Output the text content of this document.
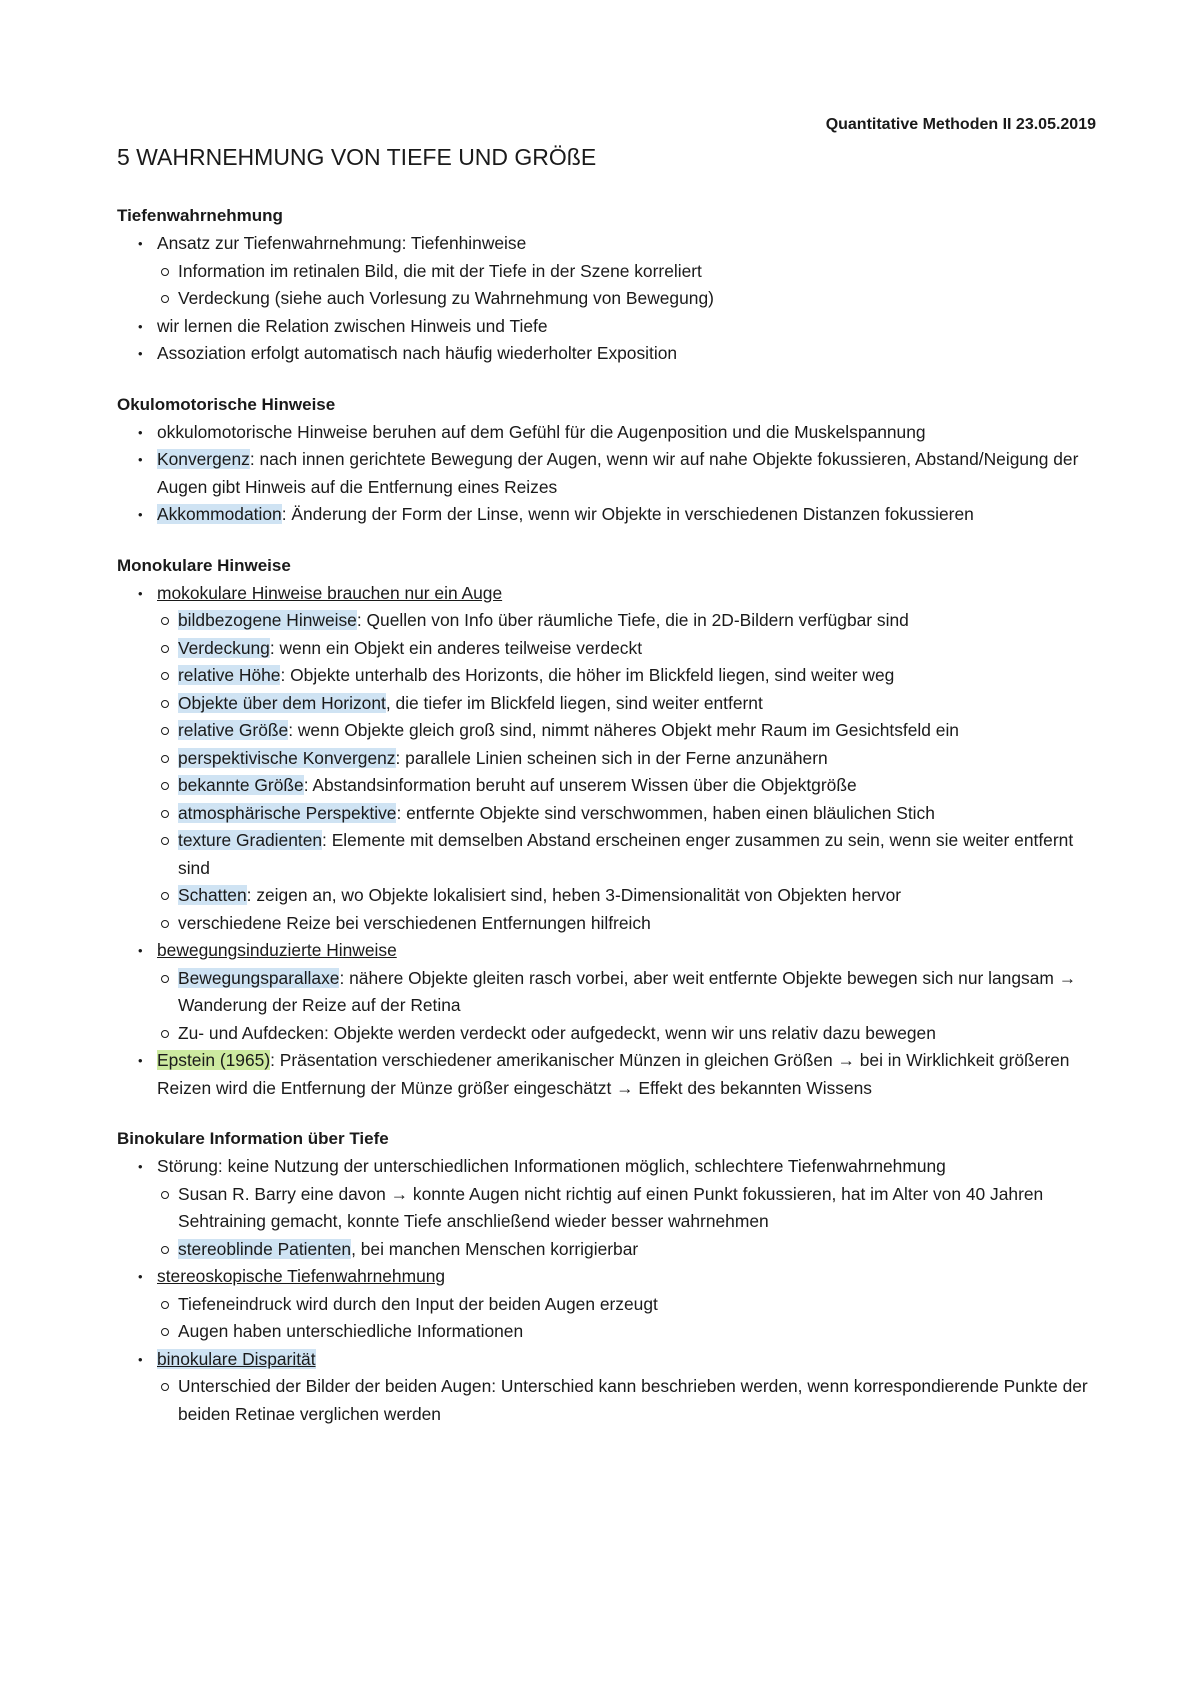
Quantitative Methoden II 23.05.2019
5 WAHRNEHMUNG VON TIEFE UND GRÖßE
Tiefenwahrnehmung
• Ansatz zur Tiefenwahrnehmung: Tiefenhinweise
Information im retinalen Bild, die mit der Tiefe in der Szene korreliert
Verdeckung (siehe auch Vorlesung zu Wahrnehmung von Bewegung)
• wir lernen die Relation zwischen Hinweis und Tiefe
• Assoziation erfolgt automatisch nach häufig wiederholter Exposition
Okulomotorische Hinweise
• okkulomotorische Hinweise beruhen auf dem Gefühl für die Augenposition und die Muskelspannung
• Konvergenz: nach innen gerichtete Bewegung der Augen, wenn wir auf nahe Objekte fokussieren, Abstand/Neigung der Augen gibt Hinweis auf die Entfernung eines Reizes
• Akkommodation: Änderung der Form der Linse, wenn wir Objekte in verschiedenen Distanzen fokussieren
Monokulare Hinweise
• mokokulare Hinweise brauchen nur ein Auge
bildbezogene Hinweise: Quellen von Info über räumliche Tiefe, die in 2D-Bildern verfügbar sind
Verdeckung: wenn ein Objekt ein anderes teilweise verdeckt
relative Höhe: Objekte unterhalb des Horizonts, die höher im Blickfeld liegen, sind weiter weg
Objekte über dem Horizont, die tiefer im Blickfeld liegen, sind weiter entfernt
relative Größe: wenn Objekte gleich groß sind, nimmt näheres Objekt mehr Raum im Gesichtsfeld ein
perspektivische Konvergenz: parallele Linien scheinen sich in der Ferne anzunähern
bekannte Größe: Abstandsinformation beruht auf unserem Wissen über die Objektgröße
atmosphärische Perspektive: entfernte Objekte sind verschwommen, haben einen bläulichen Stich
texture Gradienten: Elemente mit demselben Abstand erscheinen enger zusammen zu sein, wenn sie weiter entfernt sind
Schatten: zeigen an, wo Objekte lokalisiert sind, heben 3-Dimensionalität von Objekten hervor
verschiedene Reize bei verschiedenen Entfernungen hilfreich
• bewegungsinduzierte Hinweise
Bewegungsparallaxe: nähere Objekte gleiten rasch vorbei, aber weit entfernte Objekte bewegen sich nur langsam → Wanderung der Reize auf der Retina
Zu- und Aufdecken: Objekte werden verdeckt oder aufgedeckt, wenn wir uns relativ dazu bewegen
• Epstein (1965): Präsentation verschiedener amerikanischer Münzen in gleichen Größen → bei in Wirklichkeit größeren Reizen wird die Entfernung der Münze größer eingeschätzt → Effekt des bekannten Wissens
Binokulare Information über Tiefe
• Störung: keine Nutzung der unterschiedlichen Informationen möglich, schlechtere Tiefenwahrnehmung
Susan R. Barry eine davon → konnte Augen nicht richtig auf einen Punkt fokussieren, hat im Alter von 40 Jahren Sehtraining gemacht, konnte Tiefe anschließend wieder besser wahrnehmen
stereoblinde Patienten, bei manchen Menschen korrigierbar
• stereoskopische Tiefenwahrnehmung
Tiefeneindruck wird durch den Input der beiden Augen erzeugt
Augen haben unterschiedliche Informationen
• binokulare Disparität
Unterschied der Bilder der beiden Augen: Unterschied kann beschrieben werden, wenn korrespondierende Punkte der beiden Retinae verglichen werden
